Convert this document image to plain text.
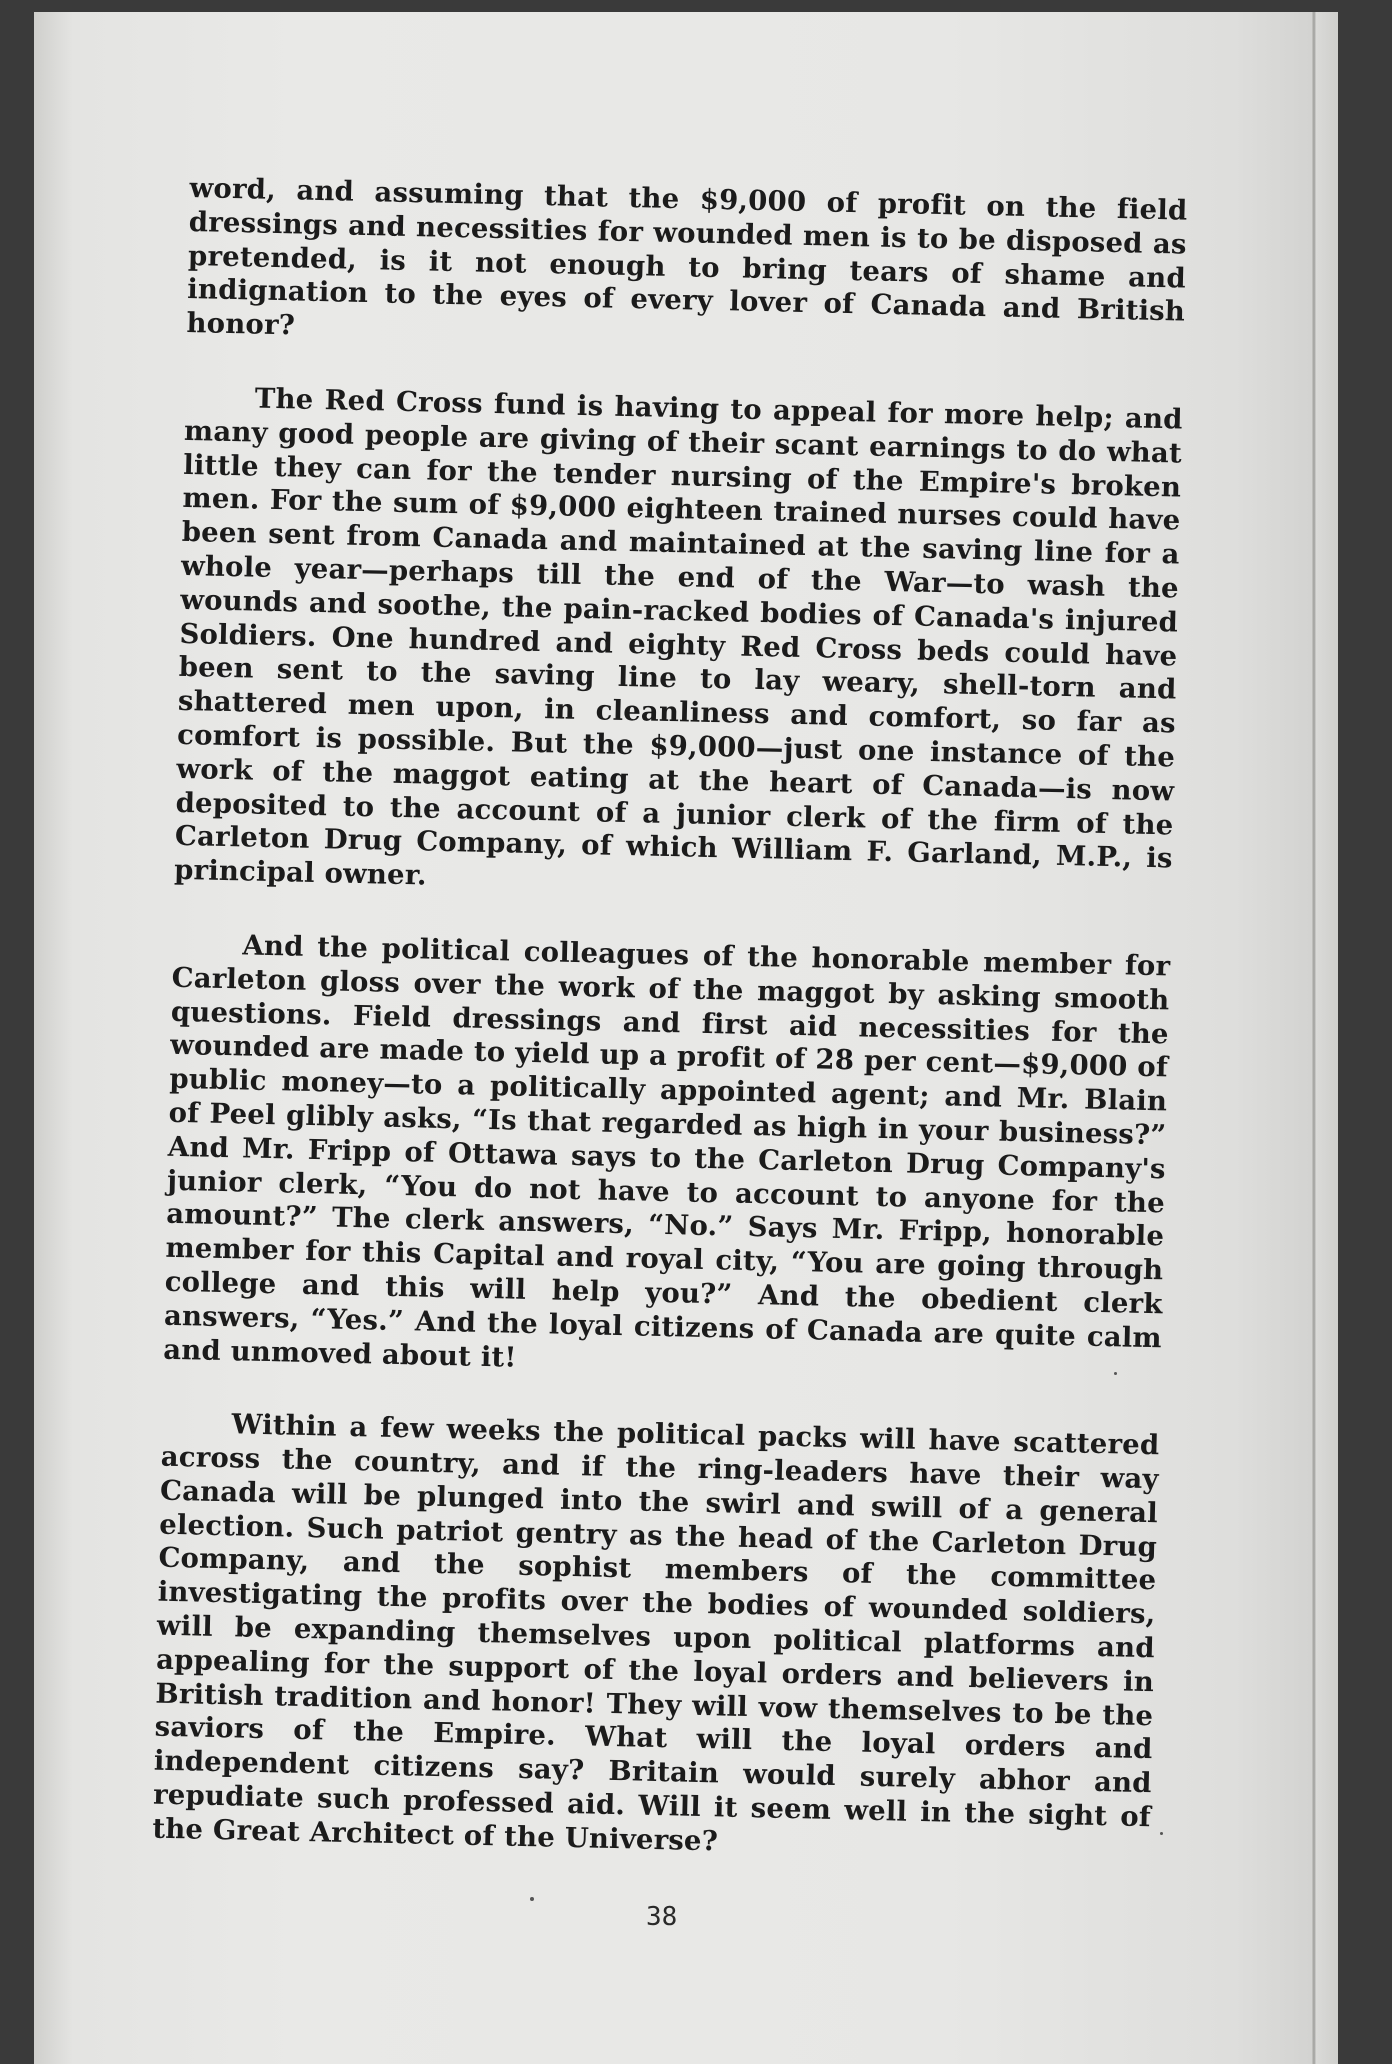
word, and assuming that the $9,000 of profit on the field dressings and necessities for wounded men is to be disposed as pretended, is it not enough to bring tears of shame and indignation to the eyes of every lover of Canada and British honor?

The Red Cross fund is having to appeal for more help; and many good people are giving of their scant earnings to do what little they can for the tender nursing of the Empire's broken men. For the sum of $9,000 eighteen trained nurses could have been sent from Canada and maintained at the saving line for a whole year—perhaps till the end of the War—to wash the wounds and soothe, the pain-racked bodies of Canada's injured Soldiers. One hundred and eighty Red Cross beds could have been sent to the saving line to lay weary, shell-torn and shattered men upon, in cleanliness and comfort, so far as comfort is possible. But the $9,000—just one instance of the work of the maggot eating at the heart of Canada—is now deposited to the account of a junior clerk of the firm of the Carleton Drug Company, of which William F. Garland, M.P., is principal owner.

And the political colleagues of the honorable member for Carleton gloss over the work of the maggot by asking smooth questions. Field dressings and first aid necessities for the wounded are made to yield up a profit of 28 per cent—$9,000 of public money—to a politically appointed agent; and Mr. Blain of Peel glibly asks, “Is that regarded as high in your business?” And Mr. Fripp of Ottawa says to the Carleton Drug Company's junior clerk, “You do not have to account to anyone for the amount?” The clerk answers, “No.” Says Mr. Fripp, honorable member for this Capital and royal city, “You are going through college and this will help you?” And the obedient clerk answers, “Yes.” And the loyal citizens of Canada are quite calm and unmoved about it!

Within a few weeks the political packs will have scattered across the country, and if the ring-leaders have their way Canada will be plunged into the swirl and swill of a general election. Such patriot gentry as the head of the Carleton Drug Company, and the sophist members of the committee investigating the profits over the bodies of wounded soldiers, will be expanding themselves upon political platforms and appealing for the support of the loyal orders and believers in British tradition and honor! They will vow themselves to be the saviors of the Empire. What will the loyal orders and independent citizens say? Britain would surely abhor and repudiate such professed aid. Will it seem well in the sight of the Great Architect of the Universe?

38
